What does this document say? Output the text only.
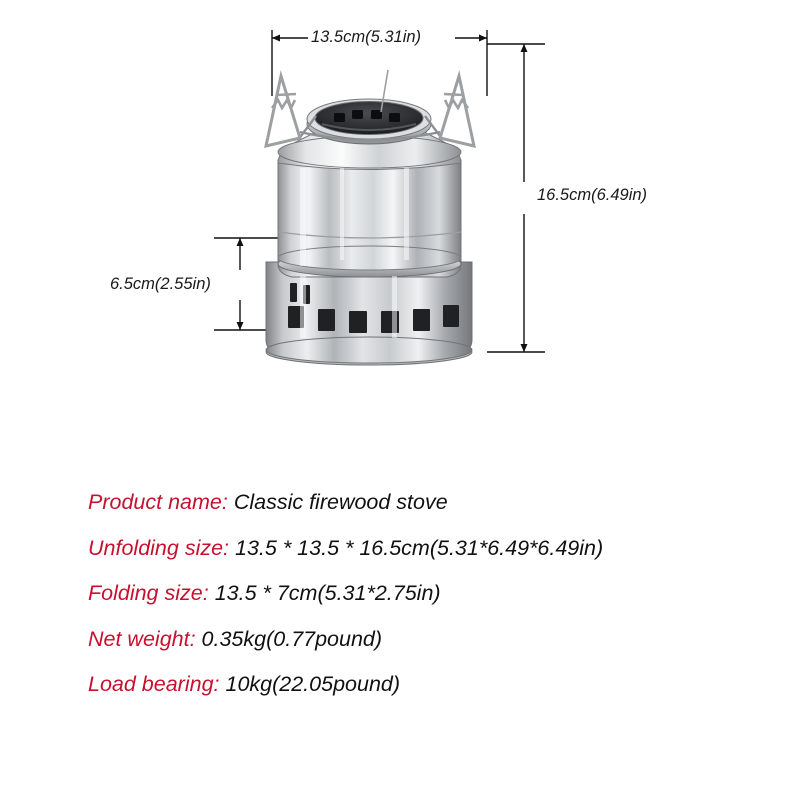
13.5cm(5.31in)
16.5cm(6.49in)
6.5cm(2.55in)
Product name: Classic firewood stove
Unfolding size: 13.5 * 13.5 * 16.5cm(5.31*6.49*6.49in)
Folding size: 13.5 * 7cm(5.31*2.75in)
Net weight: 0.35kg(0.77pound)
Load bearing: 10kg(22.05pound)
